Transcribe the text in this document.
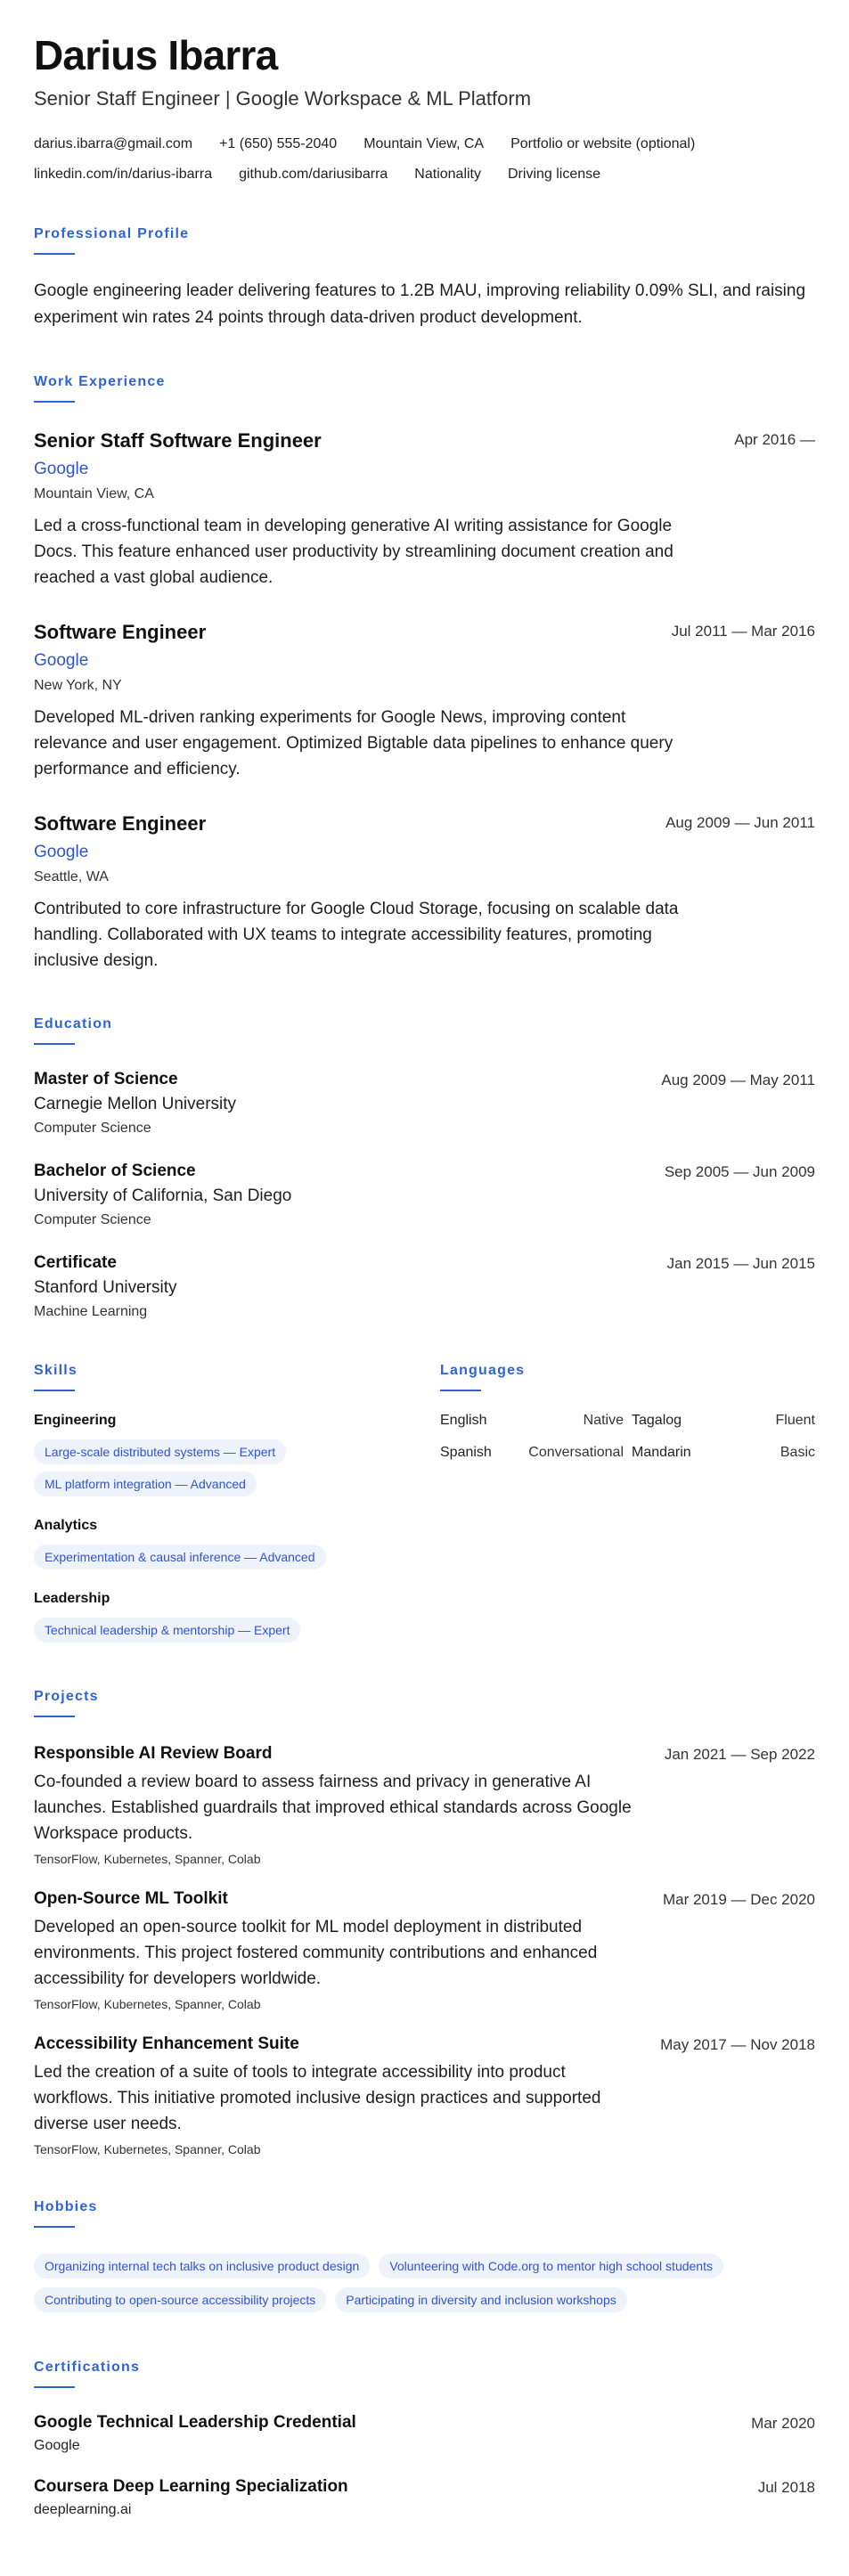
Darius Ibarra
Senior Staff Engineer | Google Workspace & ML Platform
darius.ibarra@gmail.com +1 (650) 555-2040 Mountain View, CA Portfolio or website (optional)
linkedin.com/in/darius-ibarra github.com/dariusibarra Nationality Driving license
Professional Profile
Google engineering leader delivering features to 1.2B MAU, improving reliability 0.09% SLI, and raising experiment win rates 24 points through data-driven product development.
Work Experience
Apr 2016 —
Senior Staff Software Engineer
Google
Mountain View, CA
Led a cross-functional team in developing generative AI writing assistance for Google Docs. This feature enhanced user productivity by streamlining document creation and reached a vast global audience.
Jul 2011 — Mar 2016
Software Engineer
Google
New York, NY
Developed ML-driven ranking experiments for Google News, improving content relevance and user engagement. Optimized Bigtable data pipelines to enhance query performance and efficiency.
Aug 2009 — Jun 2011
Software Engineer
Google
Seattle, WA
Contributed to core infrastructure for Google Cloud Storage, focusing on scalable data handling. Collaborated with UX teams to integrate accessibility features, promoting inclusive design.
Education
Aug 2009 — May 2011
Master of Science
Carnegie Mellon University
Computer Science
Sep 2005 — Jun 2009
Bachelor of Science
University of California, San Diego
Computer Science
Jan 2015 — Jun 2015
Certificate
Stanford University
Machine Learning
Skills
Engineering
Large-scale distributed systems — Expert
ML platform integration — Advanced
Analytics
Experimentation & causal inference — Advanced
Leadership
Technical leadership & mentorship — Expert
Languages
English	Native Tagalog	Fluent
Spanish	Conversational Mandarin	Basic
Projects
Jan 2021 — Sep 2022
Responsible AI Review Board
Co-founded a review board to assess fairness and privacy in generative AI launches. Established guardrails that improved ethical standards across Google Workspace products.
TensorFlow, Kubernetes, Spanner, Colab
Mar 2019 — Dec 2020
Open-Source ML Toolkit
Developed an open-source toolkit for ML model deployment in distributed environments. This project fostered community contributions and enhanced accessibility for developers worldwide.
TensorFlow, Kubernetes, Spanner, Colab
May 2017 — Nov 2018
Accessibility Enhancement Suite
Led the creation of a suite of tools to integrate accessibility into product workflows. This initiative promoted inclusive design practices and supported diverse user needs.
TensorFlow, Kubernetes, Spanner, Colab
Hobbies
Organizing internal tech talks on inclusive product design	Volunteering with Code.org to mentor high school students
Contributing to open-source accessibility projects	Participating in diversity and inclusion workshops
Certifications
Mar 2020
Google Technical Leadership Credential
Google
Jul 2018
Coursera Deep Learning Specialization
deeplearning.ai
